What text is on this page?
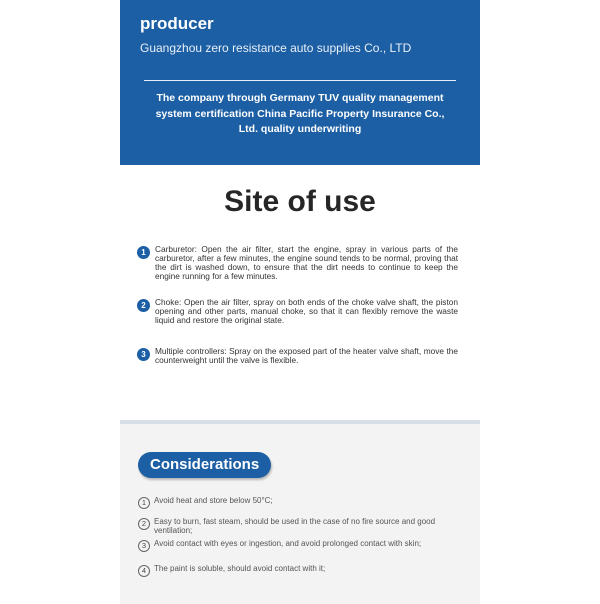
producer
Guangzhou zero resistance auto supplies Co., LTD
The company through Germany TUV quality management system certification China Pacific Property Insurance Co., Ltd. quality underwriting
Site of use
1	Carburetor: Open the air filter, start the engine, spray in various parts of the carburetor, after a few minutes, the engine sound tends to be normal, proving that the dirt is washed down, to ensure that the dirt needs to continue to keep the engine running for a few minutes.
2	Choke: Open the air filter, spray on both ends of the choke valve shaft, the piston opening and other parts, manual choke, so that it can flexibly remove the waste liquid and restore the original state.
3	Multiple controllers: Spray on the exposed part of the heater valve shaft, move the counterweight until the valve is flexible.
Considerations
1 Avoid heat and store below 50°C;
2 Easy to burn, fast steam, should be used in the case of no fire source and good ventilation;
3 Avoid contact with eyes or ingestion, and avoid prolonged contact with skin;
4 The paint is soluble, should avoid contact with it;
